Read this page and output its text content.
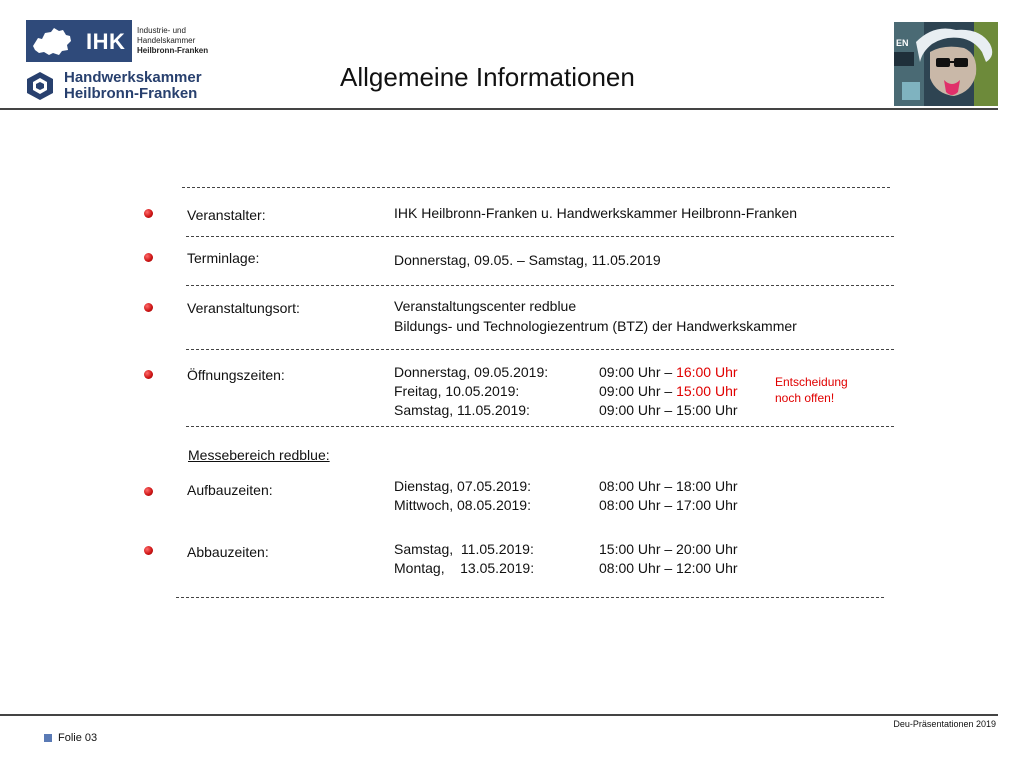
IHK Industrie- und Handelskammer
Heilbronn-Franken
Handwerkskammer
Heilbronn-Franken
Allgemeine Informationen
EN
Veranstalter:	IHK Heilbronn-Franken u. Handwerkskammer Heilbronn-Franken
Terminlage:	Donnerstag, 09.05. – Samstag, 11.05.2019
Veranstaltungsort:	Veranstaltungscenter redblue
Bildungs- und Technologiezentrum (BTZ) der Handwerkskammer
Öffnungszeiten:	Donnerstag, 09.05.2019:	09:00 Uhr – 16:00 Uhr
Freitag, 10.05.2019:	09:00 Uhr – 15:00 Uhr
Samstag, 11.05.2019:	09:00 Uhr – 15:00 Uhr
Entscheidung
noch offen!
Messebereich redblue:
Aufbauzeiten:	Dienstag, 07.05.2019:	08:00 Uhr – 18:00 Uhr
Mittwoch, 08.05.2019:	08:00 Uhr – 17:00 Uhr
Abbauzeiten:	Samstag,  11.05.2019:	15:00 Uhr – 20:00 Uhr
Montag,    13.05.2019:	08:00 Uhr – 12:00 Uhr
Folie 03
Deu-Präsentationen 2019
